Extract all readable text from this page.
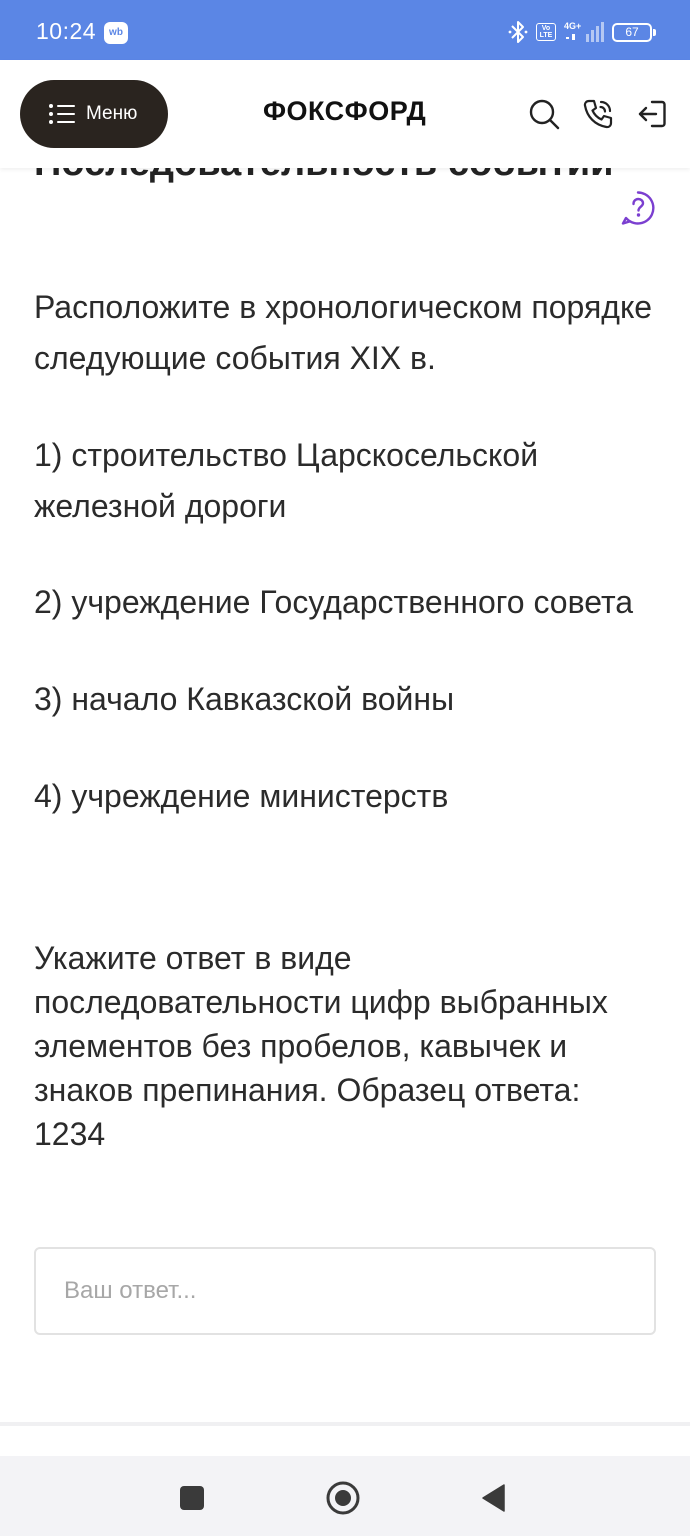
10:24	wb	Vo LTE
4G+	67
Меню	ФОКСФОРД
Расположите в хронологическом порядке следующие события XIX в.
1) строительство Царскосельской железной дороги
2) учреждение Государственного совета
3) начало Кавказской войны
4) учреждение министерств
Укажите ответ в виде последовательности цифр выбранных элементов без пробелов, кавычек и знаков препинания. Образец ответа: 1234
Ваш ответ...
